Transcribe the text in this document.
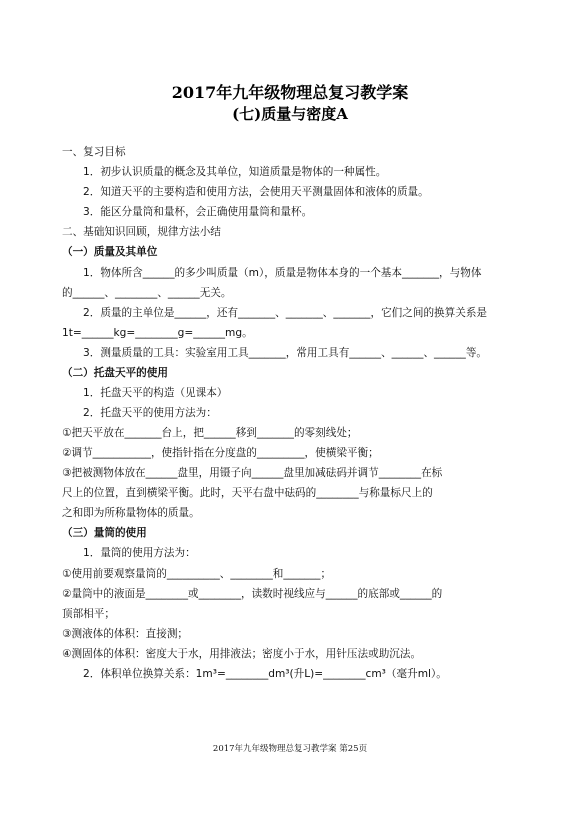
2017年九年级物理总复习教学案
(七)质量与密度A
一、复习目标
1．初步认识质量的概念及其单位，知道质量是物体的一种属性。
2．知道天平的主要构造和使用方法，会使用天平测量固体和液体的质量。
3．能区分量筒和量杯，会正确使用量筒和量杯。
二、基础知识回顾，规律方法小结
（一）质量及其单位
1．物体所含______的多少叫质量（m），质量是物体本身的一个基本_______，与物体
的______、________、______无关。
2．质量的主单位是______，还有_______、_______、_______，它们之间的换算关系是
1t=______kg=________g=______mg。
3．测量质量的工具：实验室用工具_______，常用工具有______、______、______等。
（二）托盘天平的使用
1．托盘天平的构造（见课本）
2．托盘天平的使用方法为：
①把天平放在_______台上，把______移到_______的零刻线处；
②调节___________，使指针指在分度盘的_________，使横梁平衡；
③把被测物体放在______盘里，用镊子向______盘里加减砝码并调节________在标
尺上的位置，直到横梁平衡。此时，天平右盘中砝码的________与称量标尺上的
之和即为所称量物体的质量。
（三）量筒的使用
1．量筒的使用方法为：
①使用前要观察量筒的__________、________和_______；
②量筒中的液面是________或________，读数时视线应与______的底部或______的
顶部相平；
③测液体的体积：直接测；
④测固体的体积：密度大于水，用排液法；密度小于水，用针压法或助沉法。
2．体积单位换算关系：1m³=________dm³(升L)=________cm³（毫升ml）。
2017年九年级物理总复习教学案 第25页
